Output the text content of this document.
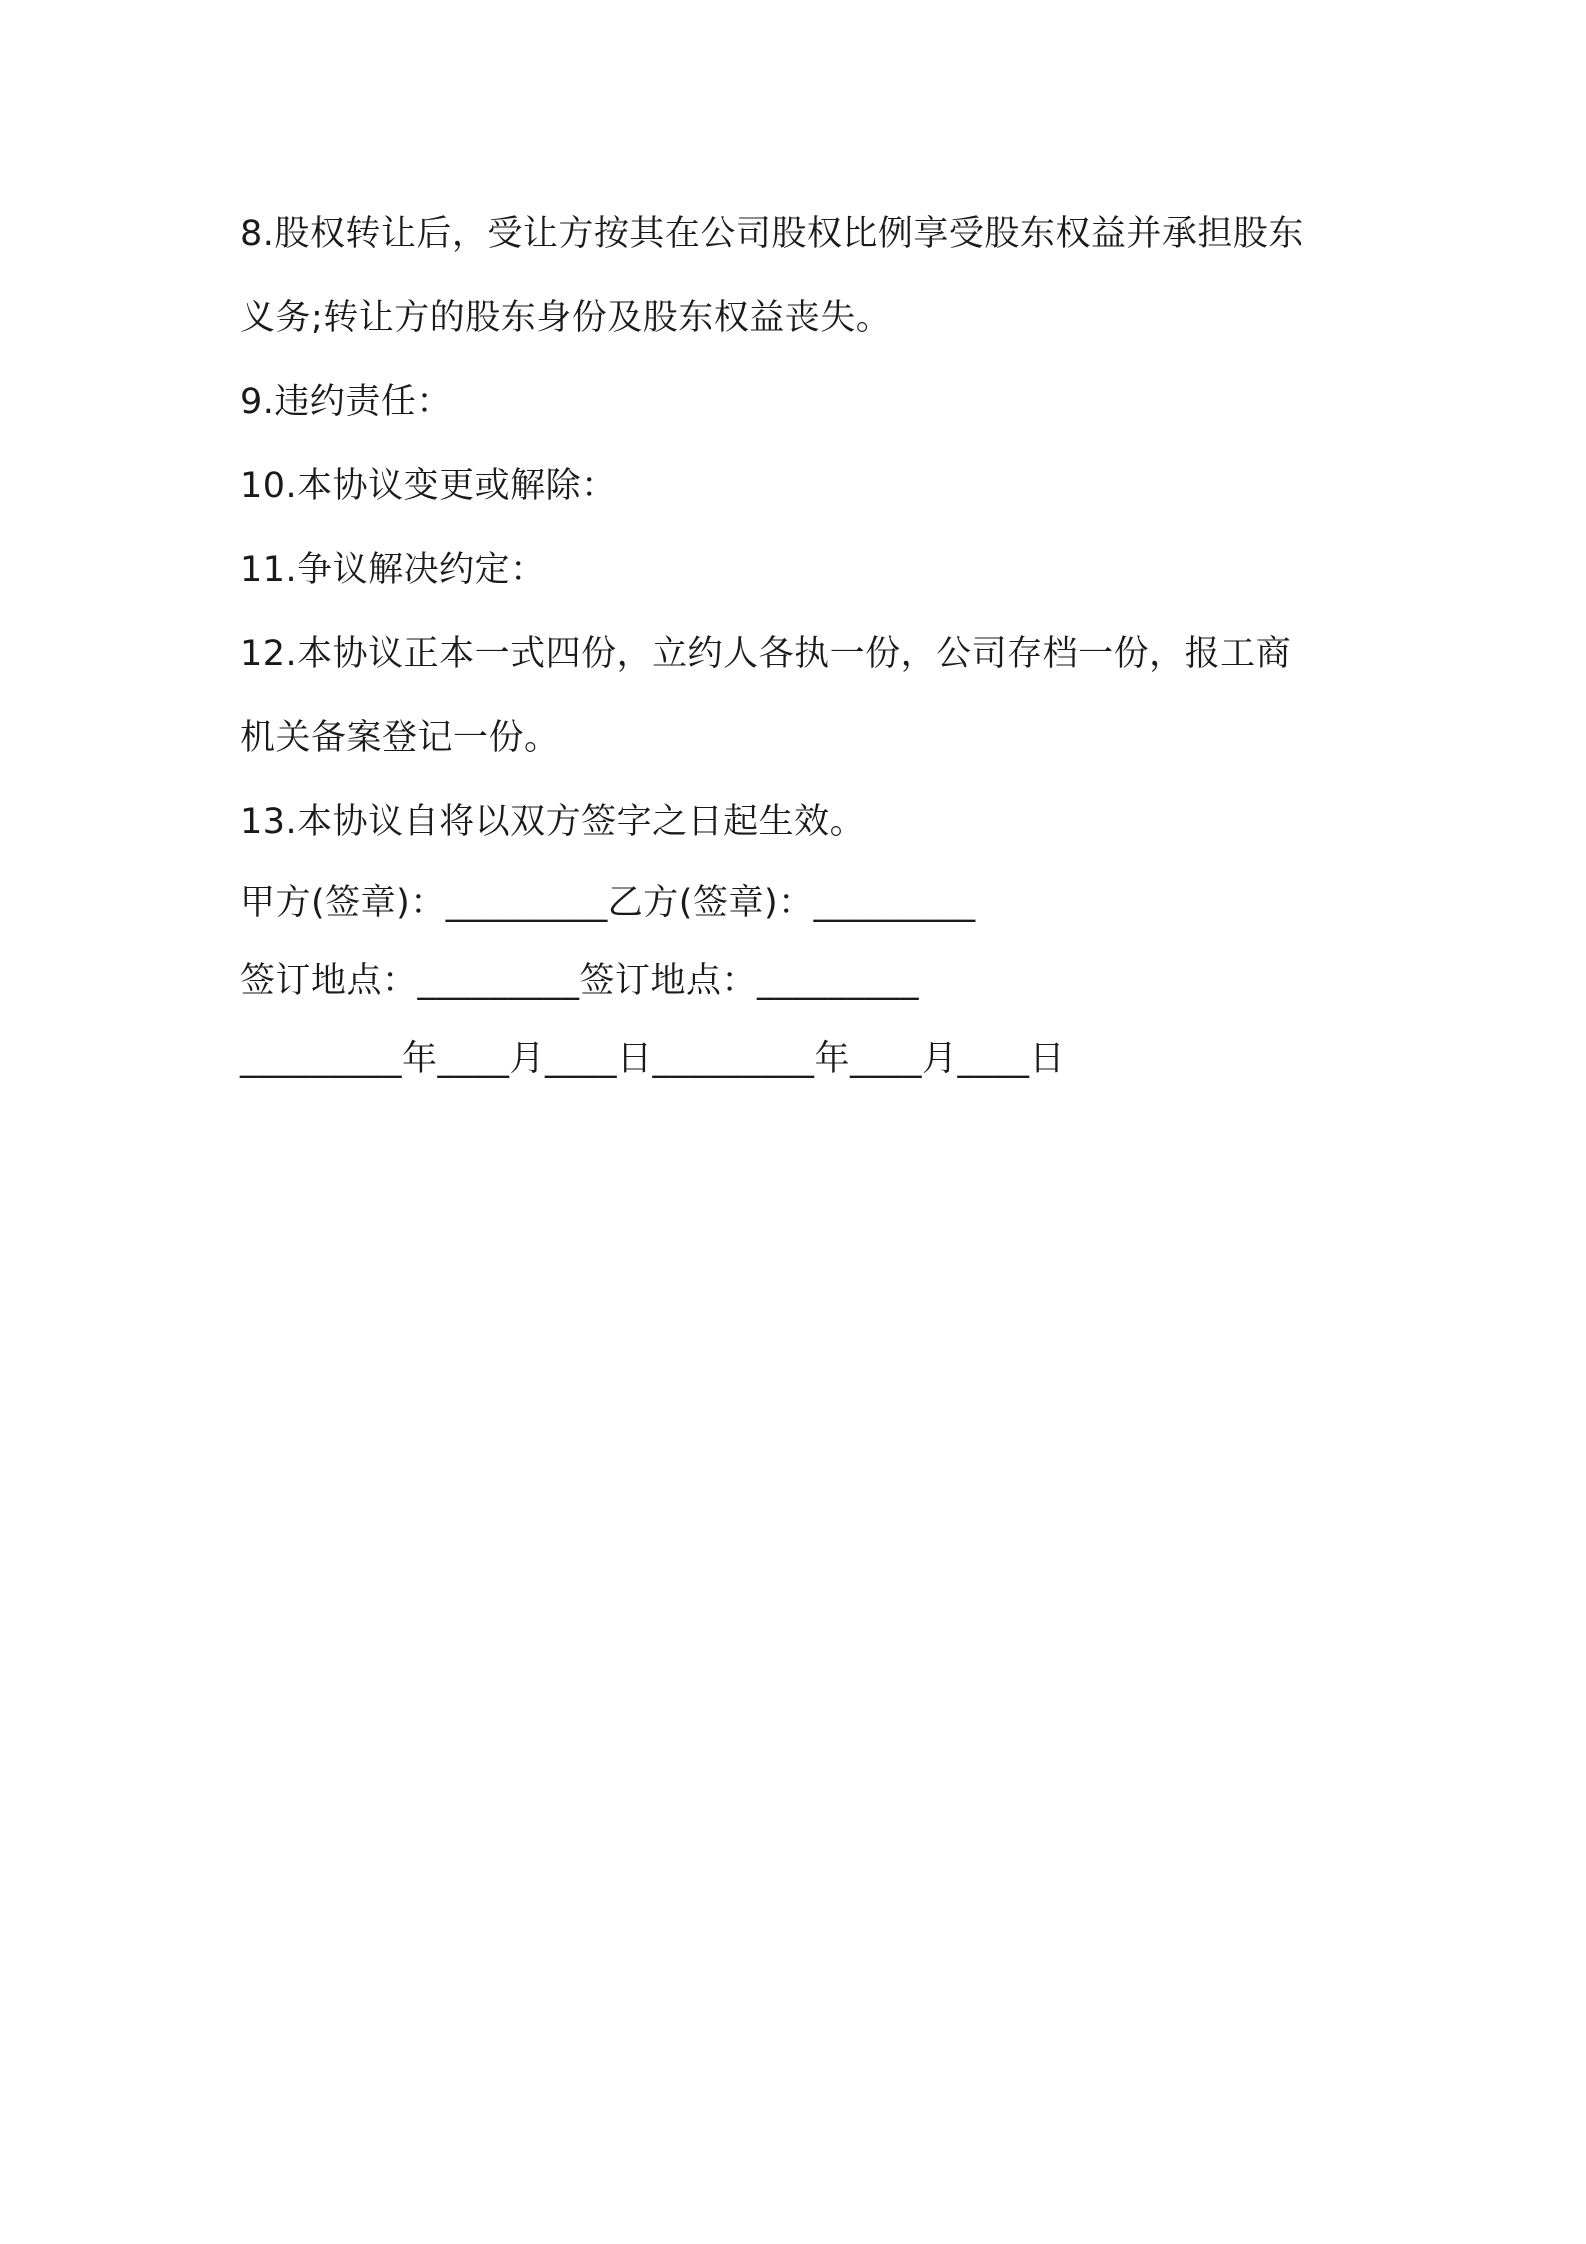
8.股权转让后，受让方按其在公司股权比例享受股东权益并承担股东

义务;转让方的股东身份及股东权益丧失。

9.违约责任：

10.本协议变更或解除：

11.争议解决约定：

12.本协议正本一式四份，立约人各执一份，公司存档一份，报工商

机关备案登记一份。

13.本协议自将以双方签字之日起生效。

甲方(签章)：_________乙方(签章)：_________

签订地点：_________签订地点：_________

_________年____月____日_________年____月____日
